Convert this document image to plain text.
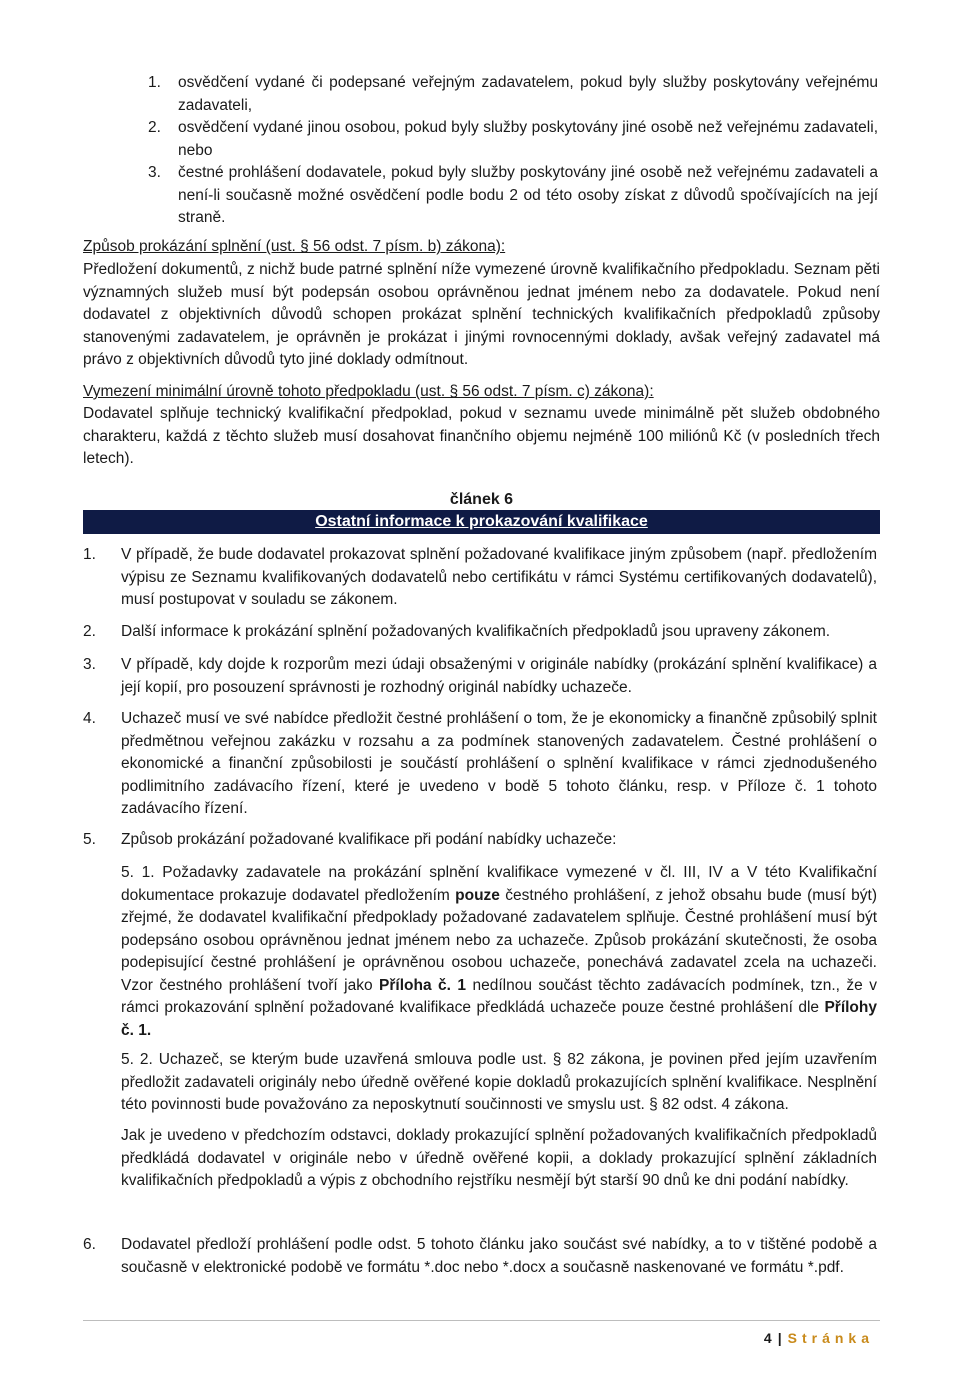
1. osvědčení vydané či podepsané veřejným zadavatelem, pokud byly služby poskytovány veřejnému zadavateli,

2. osvědčení vydané jinou osobou, pokud byly služby poskytovány jiné osobě než veřejnému zadavateli, nebo

3. čestné prohlášení dodavatele, pokud byly služby poskytovány jiné osobě než veřejnému zadavateli a není-li současně možné osvědčení podle bodu 2 od této osoby získat z důvodů spočívajících na její straně.

Způsob prokázání splnění (ust. § 56 odst. 7 písm. b) zákona):

Předložení dokumentů, z nichž bude patrné splnění níže vymezené úrovně kvalifikačního předpokladu. Seznam pěti významných služeb musí být podepsán osobou oprávněnou jednat jménem nebo za dodavatele. Pokud není dodavatel z objektivních důvodů schopen prokázat splnění technických kvalifikačních předpokladů způsoby stanovenými zadavatelem, je oprávněn je prokázat i jinými rovnocennými doklady, avšak veřejný zadavatel má právo z objektivních důvodů tyto jiné doklady odmítnout.

Vymezení minimální úrovně tohoto předpokladu (ust. § 56 odst. 7 písm. c) zákona):

Dodavatel splňuje technický kvalifikační předpoklad, pokud v seznamu uvede minimálně pět služeb obdobného charakteru, každá z těchto služeb musí dosahovat finančního objemu nejméně 100 miliónů Kč (v posledních třech letech).

článek 6
Ostatní informace k prokazování kvalifikace
1. V případě, že bude dodavatel prokazovat splnění požadované kvalifikace jiným způsobem (např. předložením výpisu ze Seznamu kvalifikovaných dodavatelů nebo certifikátu v rámci Systému certifikovaných dodavatelů), musí postupovat v souladu se zákonem.

2. Další informace k prokázání splnění požadovaných kvalifikačních předpokladů jsou upraveny zákonem.

3. V případě, kdy dojde k rozporům mezi údaji obsaženými v originále nabídky (prokázání splnění kvalifikace) a její kopií, pro posouzení správnosti je rozhodný originál nabídky uchazeče.

4. Uchazeč musí ve své nabídce předložit čestné prohlášení o tom, že je ekonomicky a finančně způsobilý splnit předmětnou veřejnou zakázku v rozsahu a za podmínek stanovených zadavatelem. Čestné prohlášení o ekonomické a finanční způsobilosti je součástí prohlášení o splnění kvalifikace v rámci zjednodušeného podlimitního zadávacího řízení, které je uvedeno v bodě 5 tohoto článku, resp. v Příloze č. 1 tohoto zadávacího řízení.

5. Způsob prokázání požadované kvalifikace při podání nabídky uchazeče:

5. 1. Požadavky zadavatele na prokázání splnění kvalifikace vymezené v čl. III, IV a V této Kvalifikační dokumentace prokazuje dodavatel předložením pouze čestného prohlášení, z jehož obsahu bude (musí být) zřejmé, že dodavatel kvalifikační předpoklady požadované zadavatelem splňuje. Čestné prohlášení musí být podepsáno osobou oprávněnou jednat jménem nebo za uchazeče. Způsob prokázání skutečnosti, že osoba podepisující čestné prohlášení je oprávněnou osobou uchazeče, ponechává zadavatel zcela na uchazeči. Vzor čestného prohlášení tvoří jako Příloha č. 1 nedílnou součást těchto zadávacích podmínek, tzn., že v rámci prokazování splnění požadované kvalifikace předkládá uchazeče pouze čestné prohlášení dle Přílohy č. 1.

5. 2. Uchazeč, se kterým bude uzavřená smlouva podle ust. § 82 zákona, je povinen před jejím uzavřením předložit zadavateli originály nebo úředně ověřené kopie dokladů prokazujících splnění kvalifikace. Nesplnění této povinnosti bude považováno za neposkytnutí součinnosti ve smyslu ust. § 82 odst. 4 zákona.

Jak je uvedeno v předchozím odstavci, doklady prokazující splnění požadovaných kvalifikačních předpokladů předkládá dodavatel v originále nebo v úředně ověřené kopii, a doklady prokazující splnění základních kvalifikačních předpokladů a výpis z obchodního rejstříku nesmějí být starší 90 dnů ke dni podání nabídky.

6. Dodavatel předloží prohlášení podle odst. 5 tohoto článku jako součást své nabídky, a to v tištěné podobě a současně v elektronické podobě ve formátu *.doc nebo *.docx a současně naskenované ve formátu *.pdf.

4 | Stránka
